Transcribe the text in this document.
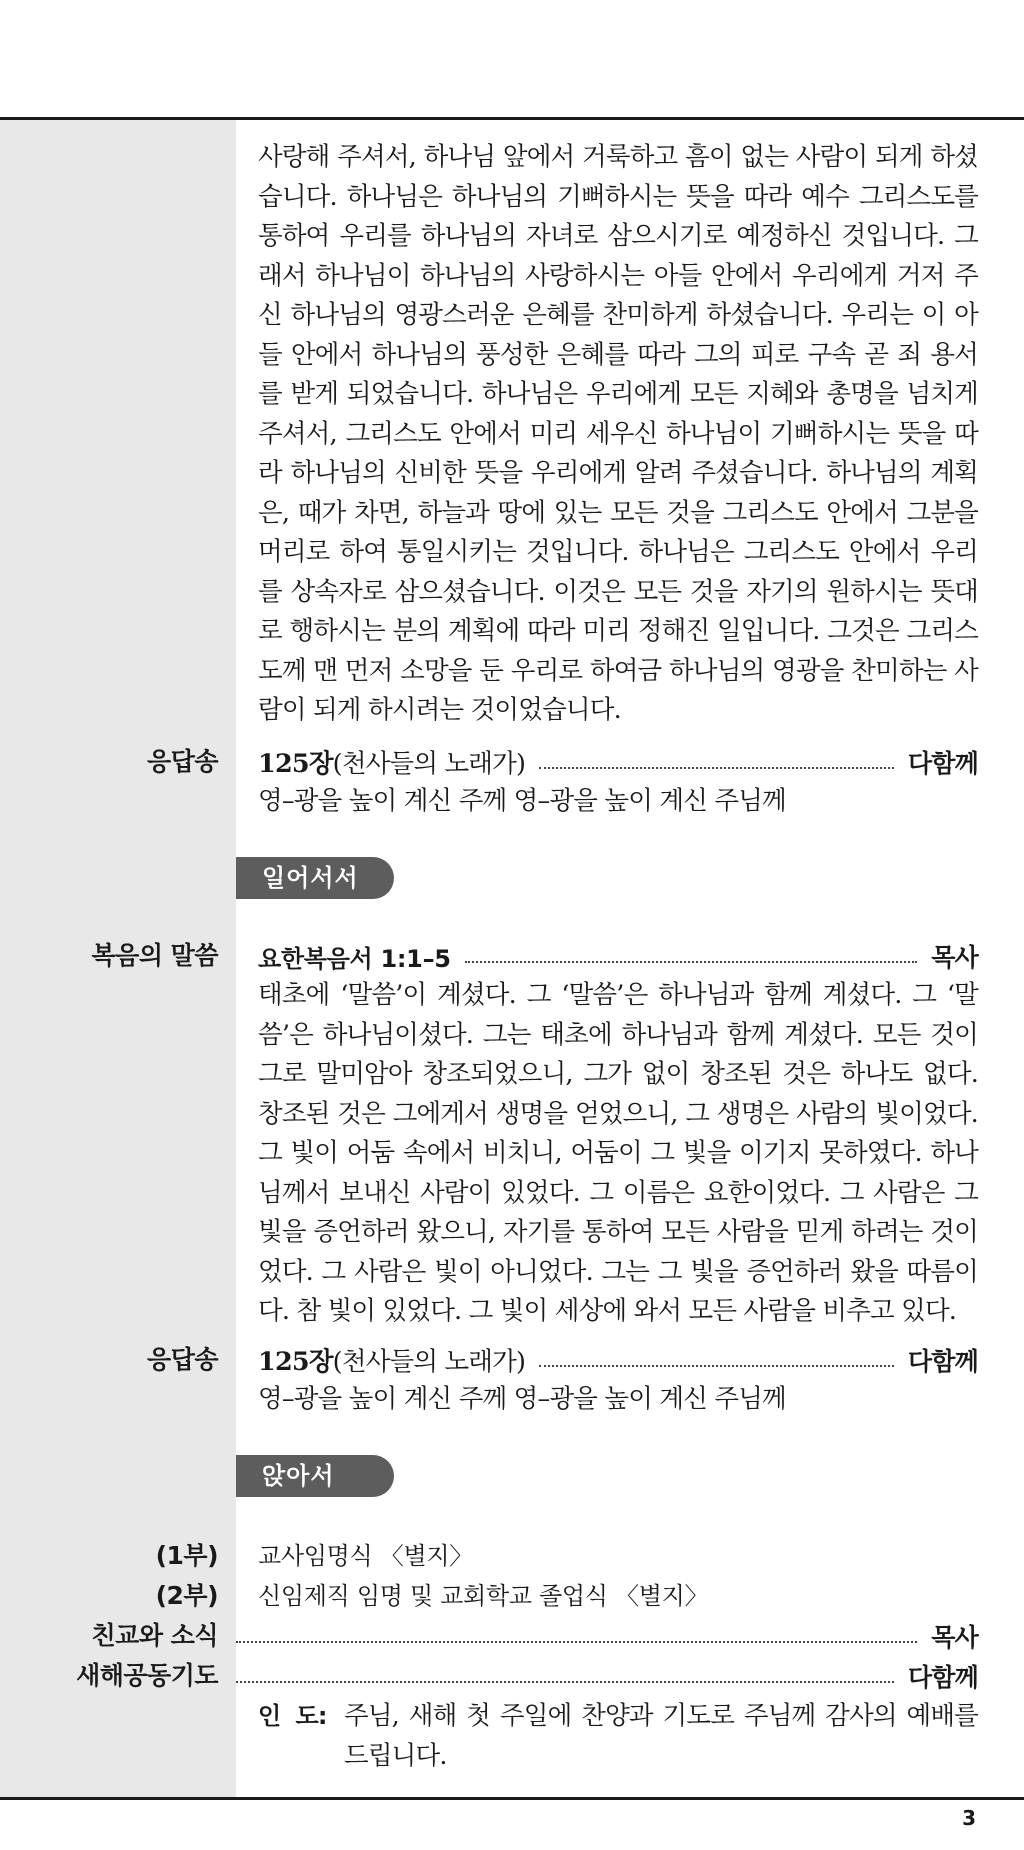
사랑해 주셔서, 하나님 앞에서 거룩하고 흠이 없는 사람이 되게 하셨습니다. 하나님은 하나님의 기뻐하시는 뜻을 따라 예수 그리스도를 통하여 우리를 하나님의 자녀로 삼으시기로 예정하신 것입니다. 그래서 하나님이 하나님의 사랑하시는 아들 안에서 우리에게 거저 주신 하나님의 영광스러운 은혜를 찬미하게 하셨습니다. 우리는 이 아들 안에서 하나님의 풍성한 은혜를 따라 그의 피로 구속 곧 죄 용서를 받게 되었습니다. 하나님은 우리에게 모든 지혜와 총명을 넘치게 주셔서, 그리스도 안에서 미리 세우신 하나님이 기뻐하시는 뜻을 따라 하나님의 신비한 뜻을 우리에게 알려 주셨습니다. 하나님의 계획은, 때가 차면, 하늘과 땅에 있는 모든 것을 그리스도 안에서 그분을 머리로 하여 통일시키는 것입니다. 하나님은 그리스도 안에서 우리를 상속자로 삼으셨습니다. 이것은 모든 것을 자기의 원하시는 뜻대로 행하시는 분의 계획에 따라 미리 정해진 일입니다. 그것은 그리스도께 맨 먼저 소망을 둔 우리로 하여금 하나님의 영광을 찬미하는 사람이 되게 하시려는 것이었습니다.

응답송 125장 (천사들의 노래가)	다함께
영–광을 높이 계신 주께 영–광을 높이 계신 주님께
일어서서
복음의 말씀 요한복음서 1:1–5	목사

태초에 ‘말씀’이 계셨다. 그 ‘말씀’은 하나님과 함께 계셨다. 그 ‘말씀’은 하나님이셨다. 그는 태초에 하나님과 함께 계셨다. 모든 것이 그로 말미암아 창조되었으니, 그가 없이 창조된 것은 하나도 없다. 창조된 것은 그에게서 생명을 얻었으니, 그 생명은 사람의 빛이었다. 그 빛이 어둠 속에서 비치니, 어둠이 그 빛을 이기지 못하였다. 하나님께서 보내신 사람이 있었다. 그 이름은 요한이었다. 그 사람은 그 빛을 증언하러 왔으니, 자기를 통하여 모든 사람을 믿게 하려는 것이었다. 그 사람은 빛이 아니었다. 그는 그 빛을 증언하러 왔을 따름이다. 참 빛이 있었다. 그 빛이 세상에 와서 모든 사람을 비추고 있다.

응답송 125장 (천사들의 노래가)	다함께
영–광을 높이 계신 주께 영–광을 높이 계신 주님께
앉아서
(1부) 교사임명식 〈별지〉
(2부) 신임제직 임명 및 교회학교 졸업식 〈별지〉
친교와 소식	목사
새해공동기도	다함께
인  도: 주님, 새해 첫 주일에 찬양과 기도로 주님께 감사의 예배를 드립니다.

3
